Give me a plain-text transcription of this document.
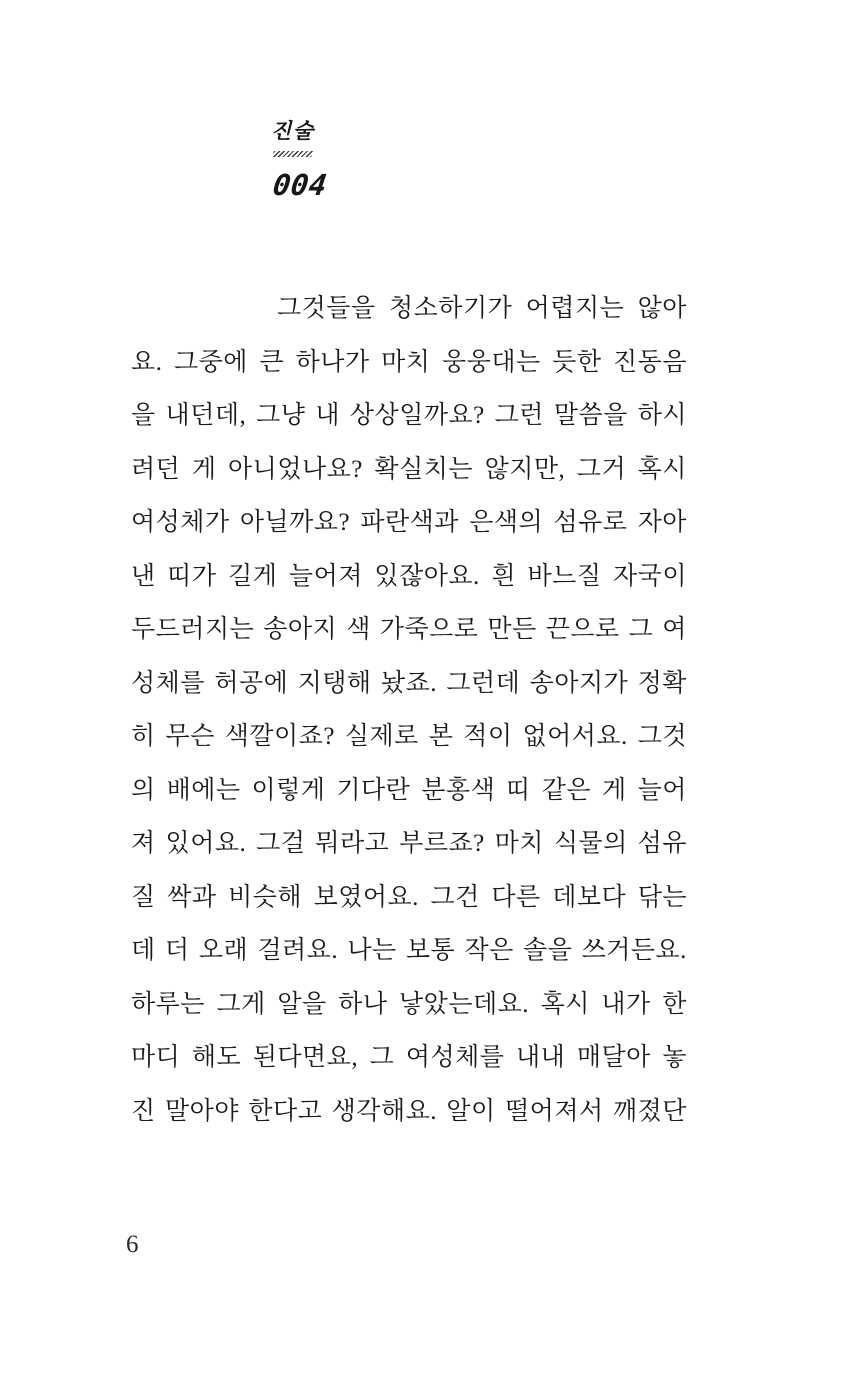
진술
004
그것들을 청소하기가 어렵지는 않아
요. 그중에 큰 하나가 마치 웅웅대는 듯한 진동음
을 내던데, 그냥 내 상상일까요? 그런 말씀을 하시
려던 게 아니었나요? 확실치는 않지만, 그거 혹시
여성체가 아닐까요? 파란색과 은색의 섬유로 자아
낸 띠가 길게 늘어져 있잖아요. 흰 바느질 자국이
두드러지는 송아지 색 가죽으로 만든 끈으로 그 여
성체를 허공에 지탱해 놨죠. 그런데 송아지가 정확
히 무슨 색깔이죠? 실제로 본 적이 없어서요. 그것
의 배에는 이렇게 기다란 분홍색 띠 같은 게 늘어
져 있어요. 그걸 뭐라고 부르죠? 마치 식물의 섬유
질 싹과 비슷해 보였어요. 그건 다른 데보다 닦는
데 더 오래 걸려요. 나는 보통 작은 솔을 쓰거든요.
하루는 그게 알을 하나 낳았는데요. 혹시 내가 한
마디 해도 된다면요, 그 여성체를 내내 매달아 놓
진 말아야 한다고 생각해요. 알이 떨어져서 깨졌단
6
